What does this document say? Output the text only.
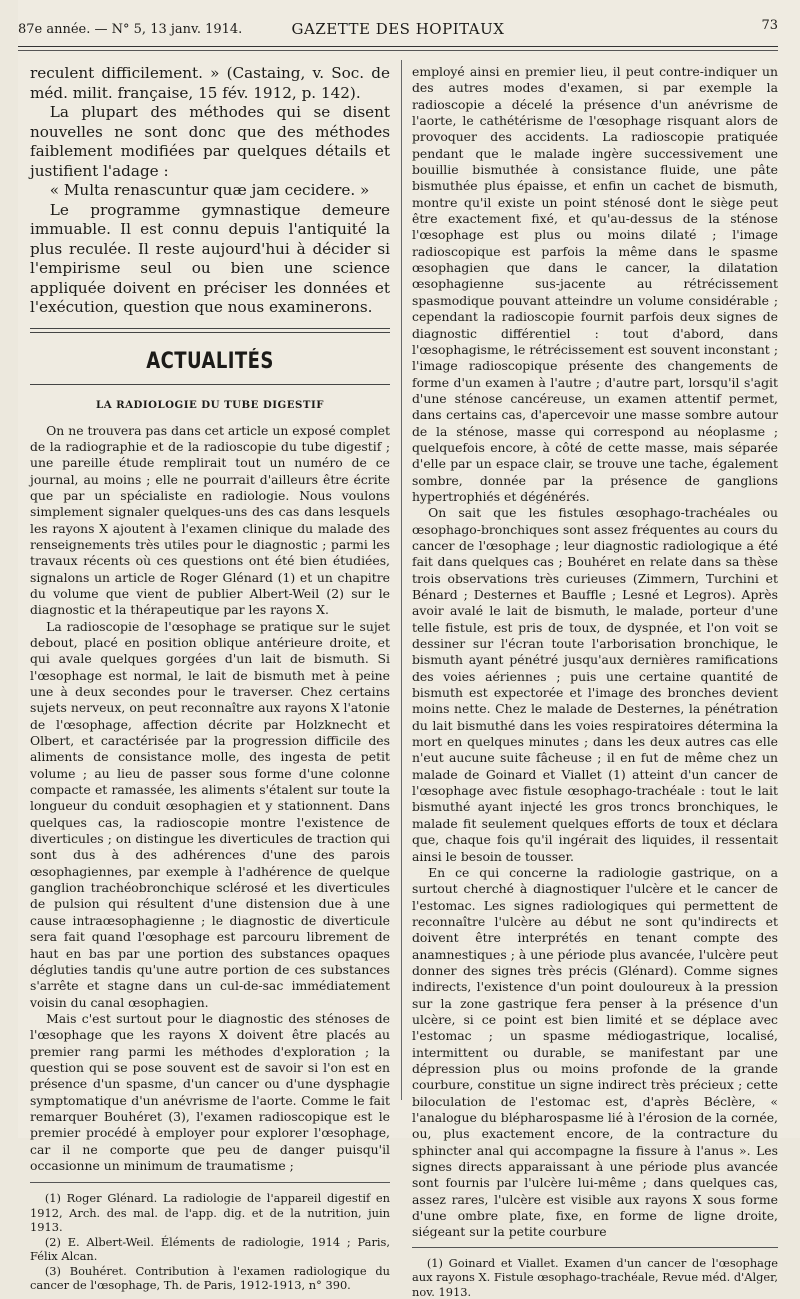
87e année. — N° 5, 13 janv. 1914.	GAZETTE DES HOPITAUX	73

reculent difficilement. » (Castaing, v. Soc. de méd. milit. française, 15 fév. 1912, p. 142).

La plupart des méthodes qui se disent nouvelles ne sont donc que des méthodes faiblement modifiées par quelques détails et justifient l'adage :

« Multa renascuntur quæ jam cecidere. »

Le programme gymnastique demeure immuable. Il est connu depuis l'antiquité la plus reculée. Il reste aujourd'hui à décider si l'empirisme seul ou bien une science appliquée doivent en préciser les données et l'exécution, question que nous examinerons.

ACTUALITÉS
LA RADIOLOGIE DU TUBE DIGESTIF

On ne trouvera pas dans cet article un exposé complet de la radiographie et de la radioscopie du tube digestif ; une pareille étude remplirait tout un numéro de ce journal, au moins ; elle ne pourrait d'ailleurs être écrite que par un spécialiste en radiologie. Nous voulons simplement signaler quelques-uns des cas dans lesquels les rayons X ajoutent à l'examen clinique du malade des renseignements très utiles pour le diagnostic ; parmi les travaux récents où ces questions ont été bien étudiées, signalons un article de Roger Glénard (1) et un chapitre du volume que vient de publier Albert-Weil (2) sur le diagnostic et la thérapeutique par les rayons X.

La radioscopie de l'œsophage se pratique sur le sujet debout, placé en position oblique antérieure droite, et qui avale quelques gorgées d'un lait de bismuth. Si l'œsophage est normal, le lait de bismuth met à peine une à deux secondes pour le traverser. Chez certains sujets nerveux, on peut reconnaître aux rayons X l'atonie de l'œsophage, affection décrite par Holzknecht et Olbert, et caractérisée par la progression difficile des aliments de consistance molle, des ingesta de petit volume ; au lieu de passer sous forme d'une colonne compacte et ramassée, les aliments s'étalent sur toute la longueur du conduit œsophagien et y stationnent. Dans quelques cas, la radioscopie montre l'existence de diverticules ; on distingue les diverticules de traction qui sont dus à des adhérences d'une des parois œsophagiennes, par exemple à l'adhérence de quelque ganglion trachéobronchique sclérosé et les diverticules de pulsion qui résultent d'une distension due à une cause intraœsophagienne ; le diagnostic de diverticule sera fait quand l'œsophage est parcouru librement de haut en bas par une portion des substances opaques dégluties tandis qu'une autre portion de ces substances s'arrête et stagne dans un cul-de-sac immédiatement voisin du canal œsophagien.

Mais c'est surtout pour le diagnostic des sténoses de l'œsophage que les rayons X doivent être placés au premier rang parmi les méthodes d'exploration ; la question qui se pose souvent est de savoir si l'on est en présence d'un spasme, d'un cancer ou d'une dysphagie symptomatique d'un anévrisme de l'aorte. Comme le fait remarquer Bouhéret (3), l'examen radioscopique est le premier procédé à employer pour explorer l'œsophage, car il ne comporte que peu de danger puisqu'il occasionne un minimum de traumatisme ;

(1) Roger Glénard. La radiologie de l'appareil digestif en 1912, Arch. des mal. de l'app. dig. et de la nutrition, juin 1913.

(2) E. Albert-Weil. Éléments de radiologie, 1914 ; Paris, Félix Alcan.

(3) Bouhéret. Contribution à l'examen radiologique du cancer de l'œsophage, Th. de Paris, 1912-1913, n° 390.

employé ainsi en premier lieu, il peut contre-indiquer un des autres modes d'examen, si par exemple la radioscopie a décelé la présence d'un anévrisme de l'aorte, le cathétérisme de l'œsophage risquant alors de provoquer des accidents. La radioscopie pratiquée pendant que le malade ingère successivement une bouillie bismuthée à consistance fluide, une pâte bismuthée plus épaisse, et enfin un cachet de bismuth, montre qu'il existe un point sténosé dont le siège peut être exactement fixé, et qu'au-dessus de la sténose l'œsophage est plus ou moins dilaté ; l'image radioscopique est parfois la même dans le spasme œsophagien que dans le cancer, la dilatation œsophagienne sus-jacente au rétrécissement spasmodique pouvant atteindre un volume considérable ; cependant la radioscopie fournit parfois deux signes de diagnostic différentiel : tout d'abord, dans l'œsophagisme, le rétrécissement est souvent inconstant ; l'image radioscopique présente des changements de forme d'un examen à l'autre ; d'autre part, lorsqu'il s'agit d'une sténose cancéreuse, un examen attentif permet, dans certains cas, d'apercevoir une masse sombre autour de la sténose, masse qui correspond au néoplasme ; quelquefois encore, à côté de cette masse, mais séparée d'elle par un espace clair, se trouve une tache, également sombre, donnée par la présence de ganglions hypertrophiés et dégénérés.

On sait que les fistules œsophago-trachéales ou œsophago-bronchiques sont assez fréquentes au cours du cancer de l'œsophage ; leur diagnostic radiologique a été fait dans quelques cas ; Bouhéret en relate dans sa thèse trois observations très curieuses (Zimmern, Turchini et Bénard ; Desternes et Bauffle ; Lesné et Legros). Après avoir avalé le lait de bismuth, le malade, porteur d'une telle fistule, est pris de toux, de dyspnée, et l'on voit se dessiner sur l'écran toute l'arborisation bronchique, le bismuth ayant pénétré jusqu'aux dernières ramifications des voies aériennes ; puis une certaine quantité de bismuth est expectorée et l'image des bronches devient moins nette. Chez le malade de Desternes, la pénétration du lait bismuthé dans les voies respiratoires détermina la mort en quelques minutes ; dans les deux autres cas elle n'eut aucune suite fâcheuse ; il en fut de même chez un malade de Goinard et Viallet (1) atteint d'un cancer de l'œsophage avec fistule œsophago-trachéale : tout le lait bismuthé ayant injecté les gros troncs bronchiques, le malade fit seulement quelques efforts de toux et déclara que, chaque fois qu'il ingérait des liquides, il ressentait ainsi le besoin de tousser.

En ce qui concerne la radiologie gastrique, on a surtout cherché à diagnostiquer l'ulcère et le cancer de l'estomac. Les signes radiologiques qui permettent de reconnaître l'ulcère au début ne sont qu'indirects et doivent être interprétés en tenant compte des anamnestiques ; à une période plus avancée, l'ulcère peut donner des signes très précis (Glénard). Comme signes indirects, l'existence d'un point douloureux à la pression sur la zone gastrique fera penser à la présence d'un ulcère, si ce point est bien limité et se déplace avec l'estomac ; un spasme médiogastrique, localisé, intermittent ou durable, se manifestant par une dépression plus ou moins profonde de la grande courbure, constitue un signe indirect très précieux ; cette biloculation de l'estomac est, d'après Béclère, « l'analogue du blépharospasme lié à l'érosion de la cornée, ou, plus exactement encore, de la contracture du sphincter anal qui accompagne la fissure à l'anus ». Les signes directs apparaissant à une période plus avancée sont fournis par l'ulcère lui-même ; dans quelques cas, assez rares, l'ulcère est visible aux rayons X sous forme d'une ombre plate, fixe, en forme de ligne droite, siégeant sur la petite courbure

(1) Goinard et Viallet. Examen d'un cancer de l'œsophage aux rayons X. Fistule œsophago-trachéale, Revue méd. d'Alger, nov. 1913.
